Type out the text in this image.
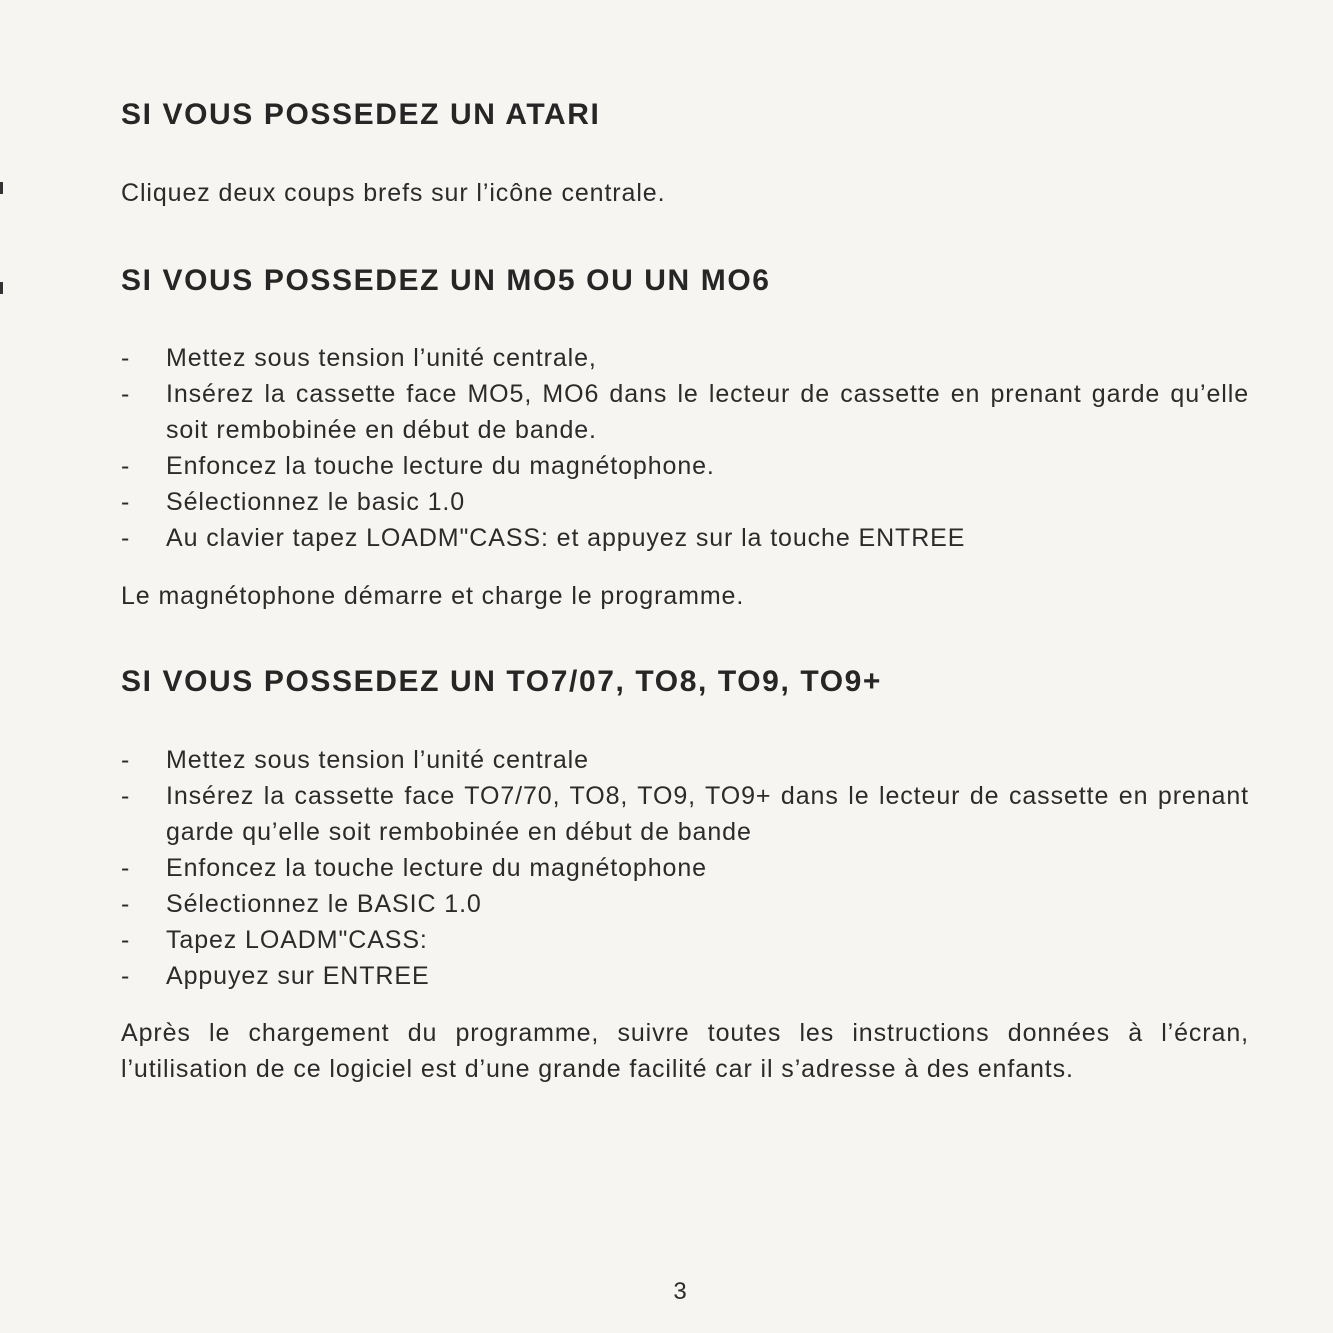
SI VOUS POSSEDEZ UN ATARI

Cliquez deux coups brefs sur l’icône centrale.

SI VOUS POSSEDEZ UN MO5 OU UN MO6
- Mettez sous tension l’unité centrale,
- Insérez la cassette face MO5, MO6 dans le lecteur de cassette en prenant garde qu’elle soit rembobinée en début de bande.
- Enfoncez la touche lecture du magnétophone.
- Sélectionnez le basic 1.0
- Au clavier tapez LOADM"CASS: et appuyez sur la touche ENTREE

Le magnétophone démarre et charge le programme.

SI VOUS POSSEDEZ UN TO7/07, TO8, TO9, TO9+
- Mettez sous tension l’unité centrale
- Insérez la cassette face TO7/70, TO8, TO9, TO9+ dans le lecteur de cassette en prenant garde qu’elle soit rembobinée en début de bande
- Enfoncez la touche lecture du magnétophone
- Sélectionnez le BASIC 1.0
- Tapez LOADM"CASS:
- Appuyez sur ENTREE

Après le chargement du programme, suivre toutes les instructions données à l’écran, l’utilisation de ce logiciel est d’une grande facilité car il s’adresse à des enfants.

3
